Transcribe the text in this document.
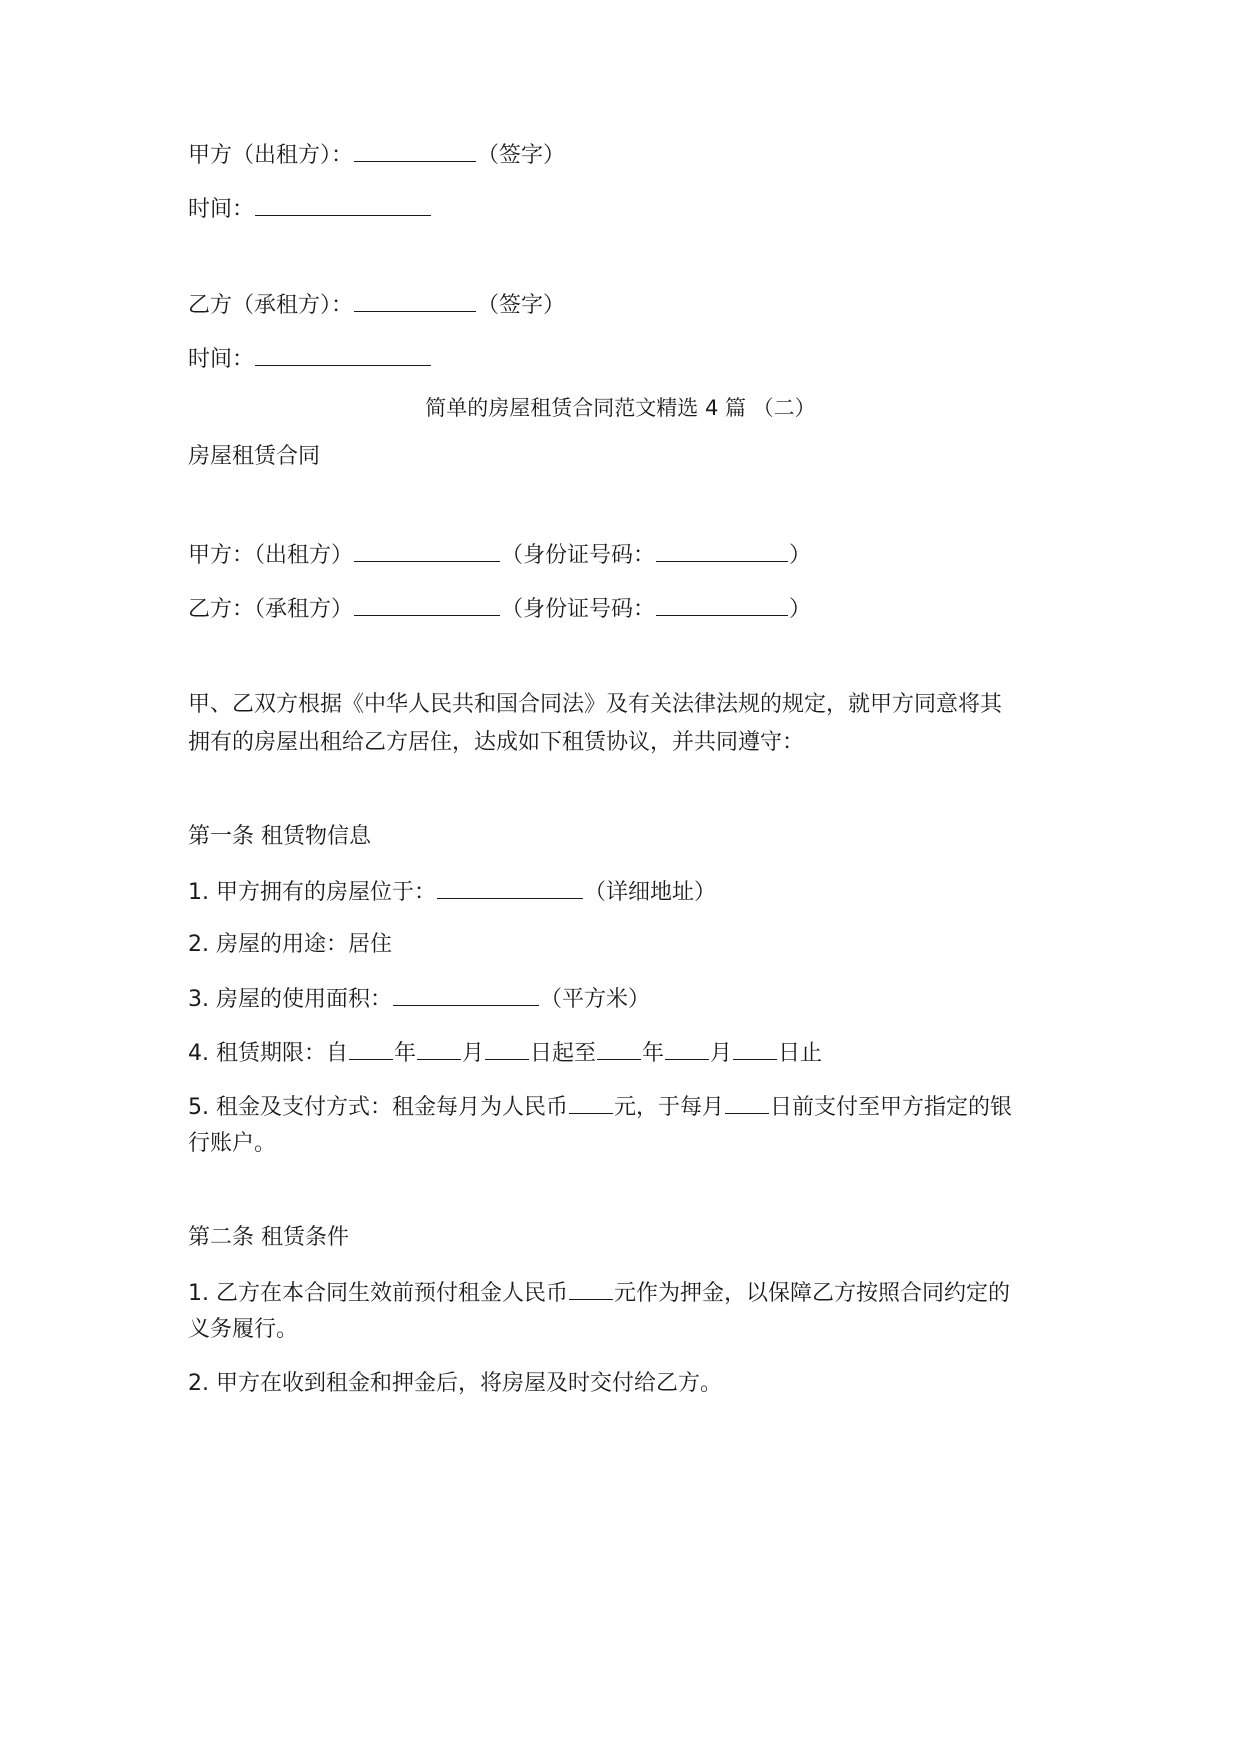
甲方（出租方）：	（签字）
时间：
乙方（承租方）：	（签字）
时间：
简单的房屋租赁合同范文精选 4 篇 （二）
房屋租赁合同
甲方：（出租方）	（身份证号码：	）
乙方：（承租方）	（身份证号码：	）
甲、乙双方根据《中华人民共和国合同法》及有关法律法规的规定，就甲方同意将其
拥有的房屋出租给乙方居住，达成如下租赁协议，并共同遵守：
第一条 租赁物信息
1. 甲方拥有的房屋位于：	（详细地址）
2. 房屋的用途：居住
3. 房屋的使用面积：	（平方米）
4. 租赁期限：自 年 月 日起至 年 月 日止
5. 租金及支付方式：租金每月为人民币 元，于每月 日前支付至甲方指定的银
行账户。
第二条 租赁条件
1. 乙方在本合同生效前预付租金人民币 元作为押金，以保障乙方按照合同约定的
义务履行。
2. 甲方在收到租金和押金后，将房屋及时交付给乙方。
